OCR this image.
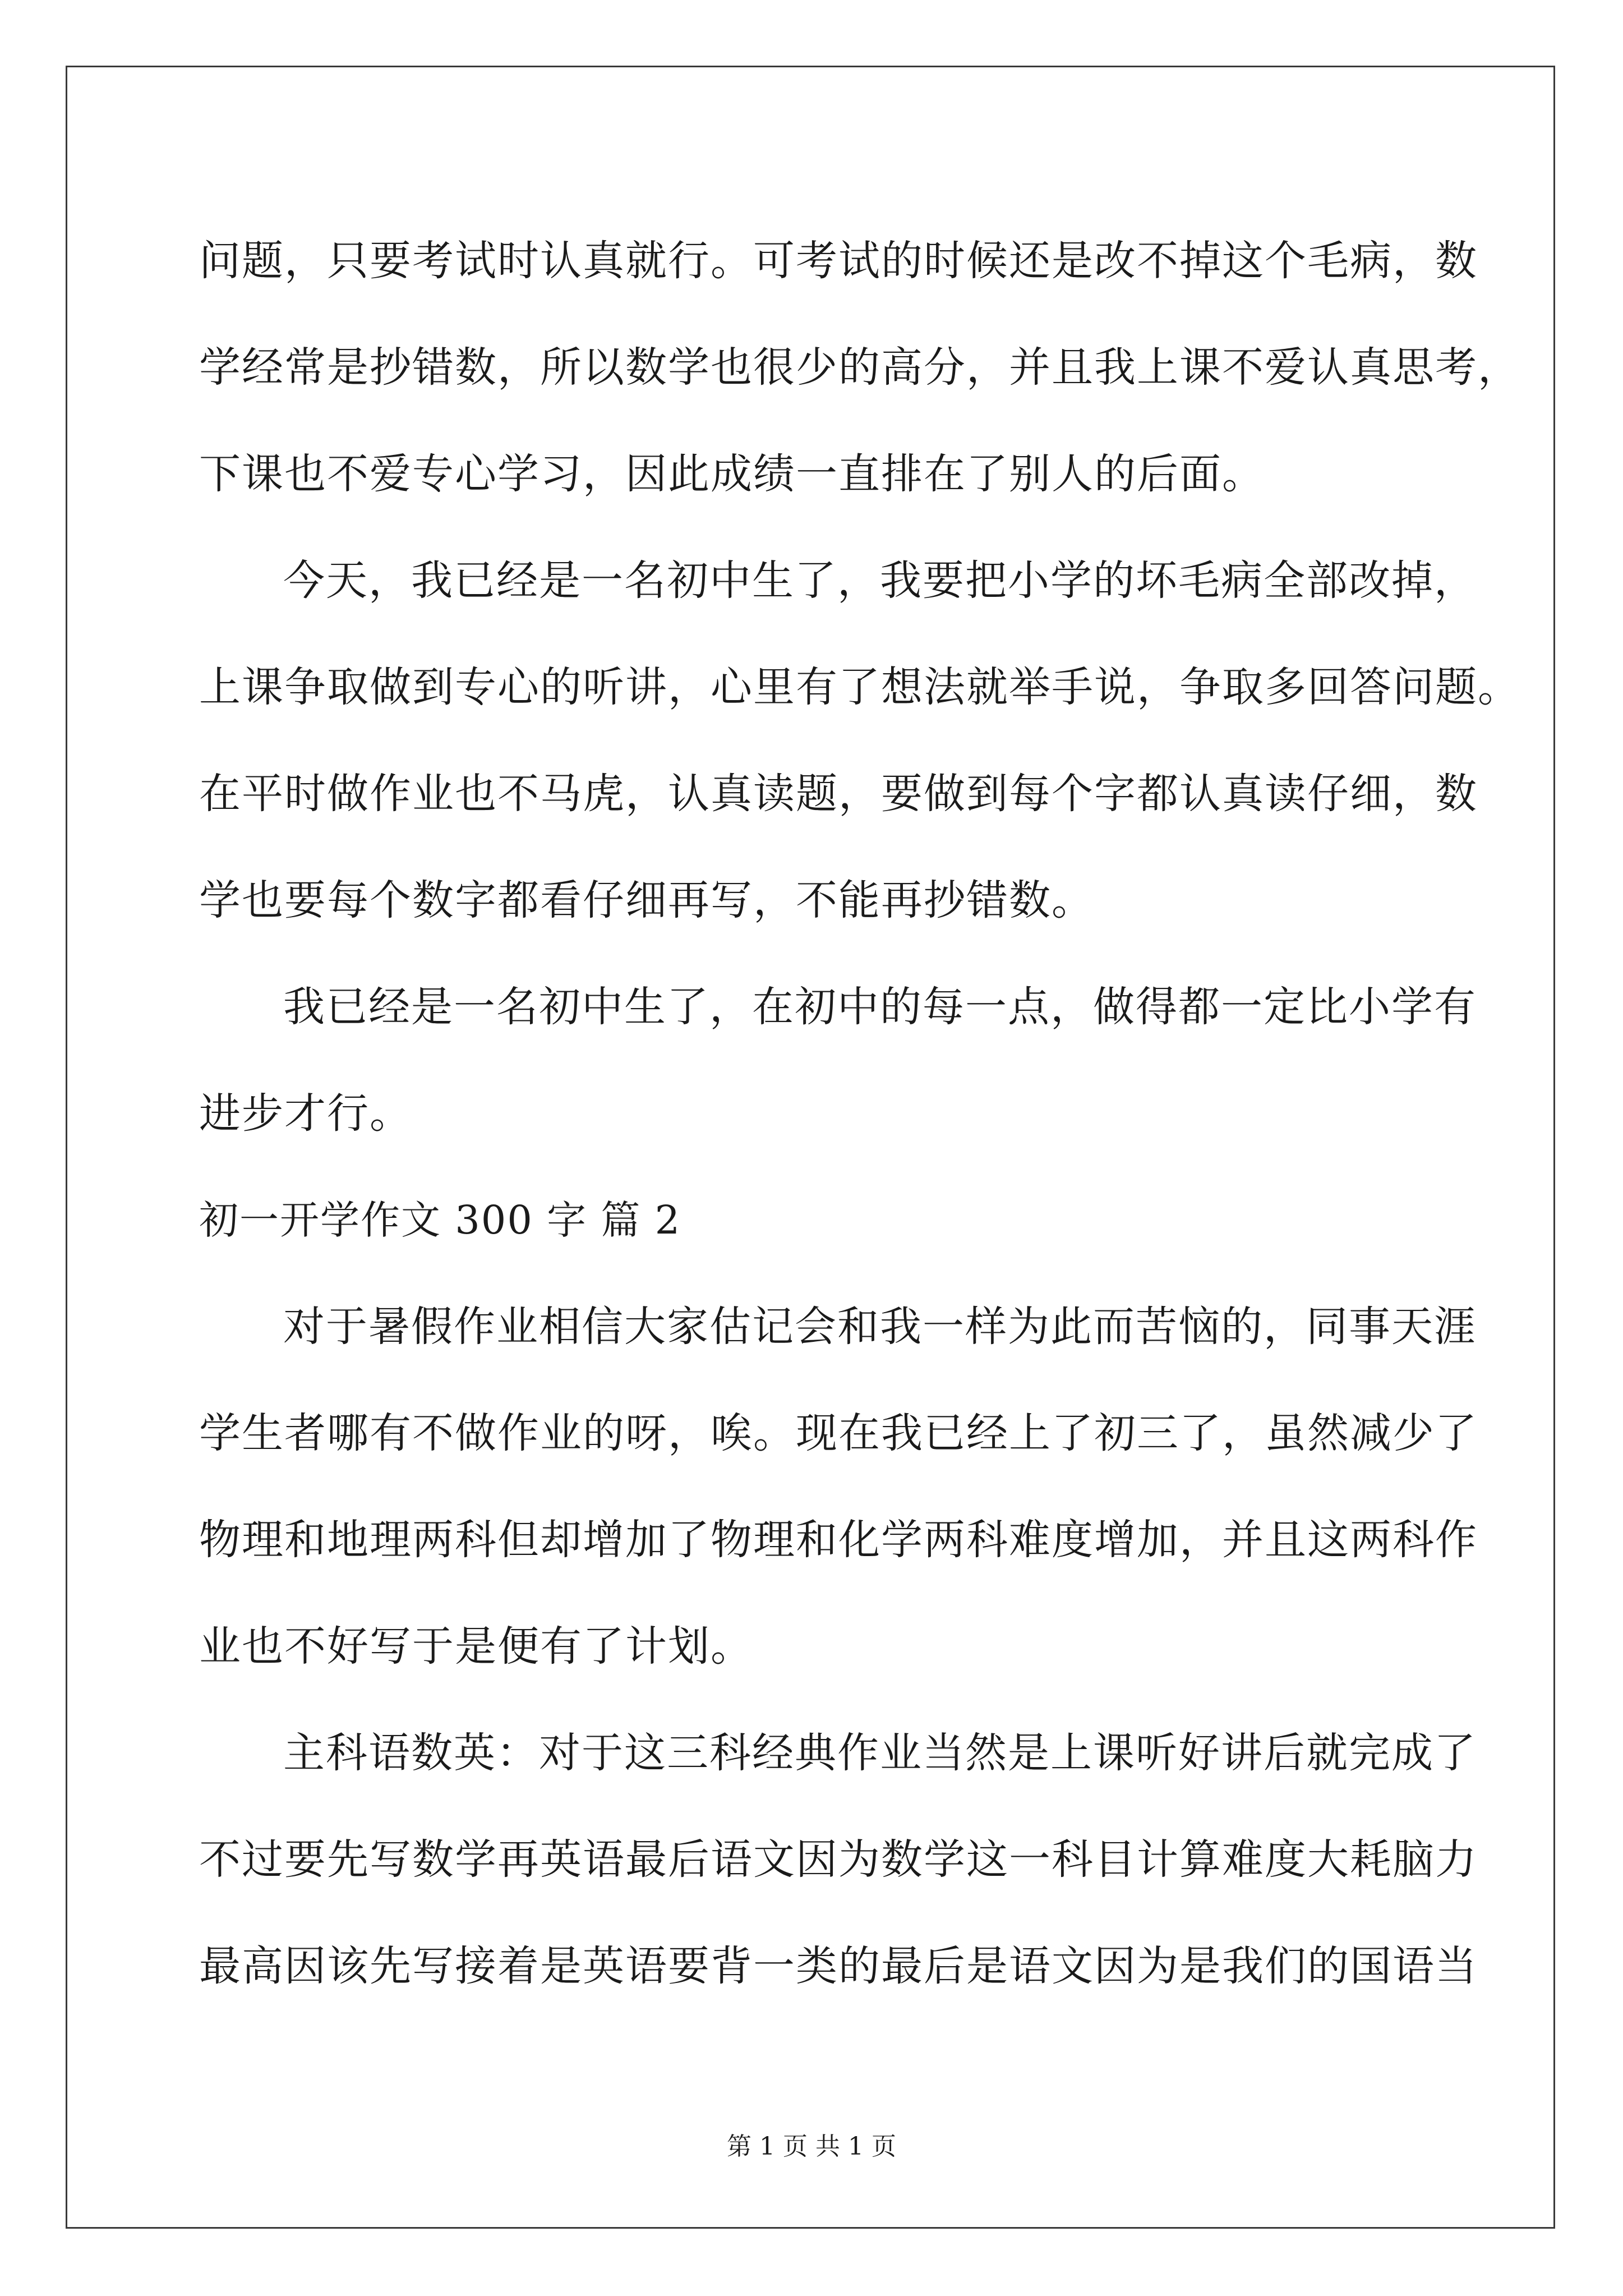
问题，只要考试时认真就行。可考试的时候还是改不掉这个毛病，数
学经常是抄错数，所以数学也很少的高分，并且我上课不爱认真思考，
下课也不爱专心学习，因此成绩一直排在了别人的后面。
今天，我已经是一名初中生了，我要把小学的坏毛病全部改掉，
上课争取做到专心的听讲，心里有了想法就举手说，争取多回答问题。
在平时做作业也不马虎，认真读题，要做到每个字都认真读仔细，数
学也要每个数字都看仔细再写，不能再抄错数。
我已经是一名初中生了，在初中的每一点，做得都一定比小学有
进步才行。
初一开学作文 300 字 篇 2
对于暑假作业相信大家估记会和我一样为此而苦恼的，同事天涯
学生者哪有不做作业的呀，唉。现在我已经上了初三了，虽然减少了
物理和地理两科但却增加了物理和化学两科难度增加，并且这两科作
业也不好写于是便有了计划。
主科语数英：对于这三科经典作业当然是上课听好讲后就完成了
不过要先写数学再英语最后语文因为数学这一科目计算难度大耗脑力
最高因该先写接着是英语要背一类的最后是语文因为是我们的国语当
第 1 页 共 1 页
